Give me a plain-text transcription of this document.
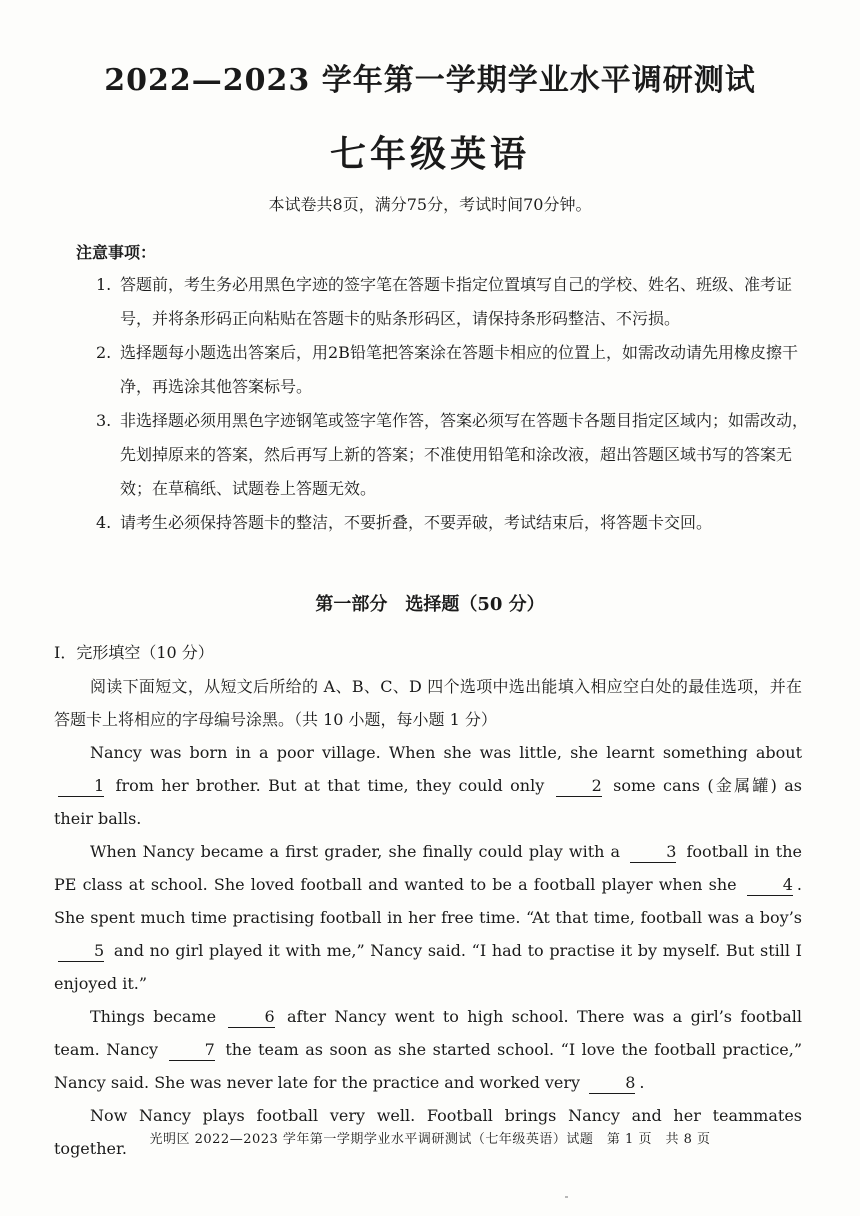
2022—2023 学年第一学期学业水平调研测试
七年级英语
本试卷共8页，满分75分，考试时间70分钟。
注意事项：
1. 答题前，考生务必用黑色字迹的签字笔在答题卡指定位置填写自己的学校、姓名、班级、准考证号，并将条形码正向粘贴在答题卡的贴条形码区，请保持条形码整洁、不污损。
2. 选择题每小题选出答案后，用2B铅笔把答案涂在答题卡相应的位置上，如需改动请先用橡皮擦干净，再选涂其他答案标号。
3. 非选择题必须用黑色字迹钢笔或签字笔作答，答案必须写在答题卡各题目指定区域内；如需改动，先划掉原来的答案，然后再写上新的答案；不准使用铅笔和涂改液，超出答题区域书写的答案无效；在草稿纸、试题卷上答题无效。
4. 请考生必须保持答题卡的整洁，不要折叠，不要弄破，考试结束后，将答题卡交回。
第一部分　选择题（50 分）
I．完形填空（10 分）

阅读下面短文，从短文后所给的 A、B、C、D 四个选项中选出能填入相应空白处的最佳选项，并在答题卡上将相应的字母编号涂黑。（共 10 小题，每小题 1 分）

Nancy was born in a poor village. When she was little, she learnt something about 1 from her brother. But at that time, they could only	2 some cans (金属罐) as their balls.

When Nancy became a first grader, she finally could play with a	3 football in the PE class at school. She loved football and wanted to be a football player when she	4 . She spent much time practising football in her free time. “At that time, football was a boy’s 5 and no girl played it with me,” Nancy said. “I had to practise it by myself. But still I enjoyed it.”

Things became	6 after Nancy went to high school. There was a girl’s football team. Nancy	7 the team as soon as she started school. “I love the football practice,” Nancy said. She was never late for the practice and worked very	8 .

Now Nancy plays football very well. Football brings Nancy and her teammates together.	光明区 2022—2023 学年第一学期学业水平调研测试（七年级英语）试题　第 1 页　共 8 页
